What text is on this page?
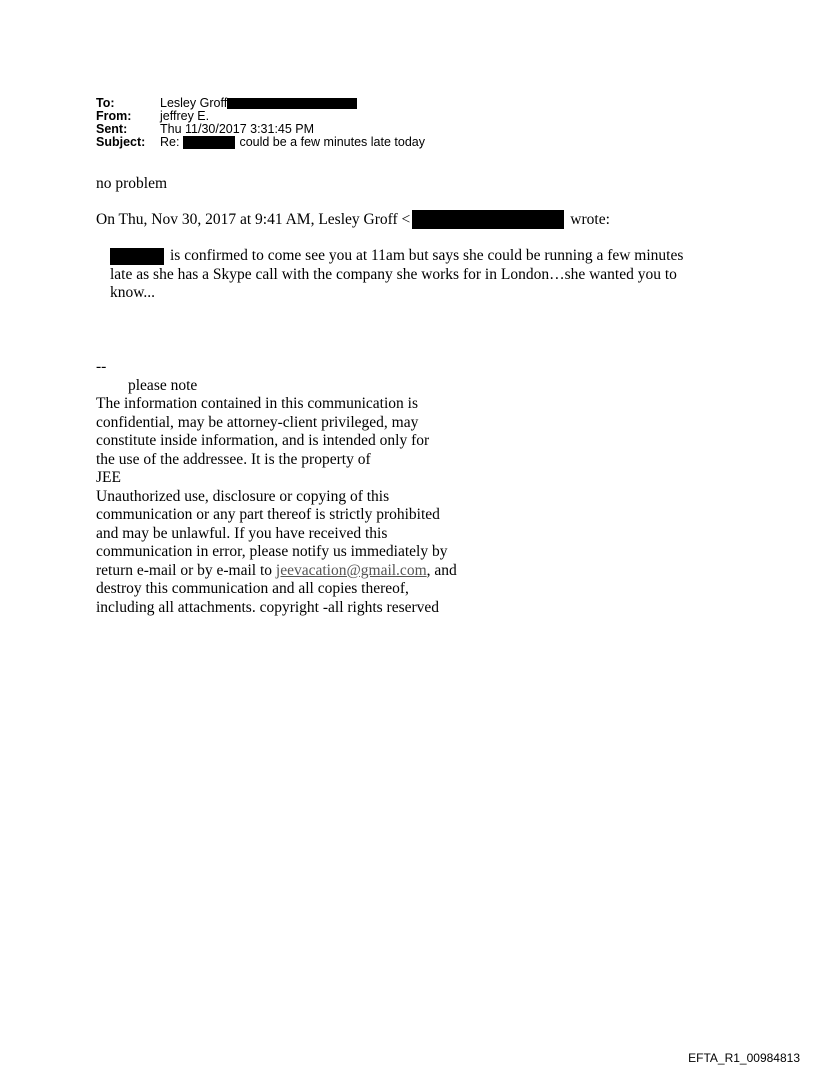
To:	Lesley Groff
From:	jeffrey E.
Sent:	Thu 11/30/2017 3:31:45 PM
Subject:	Re:	could be a few minutes late today
no problem
On Thu, Nov 30, 2017 at 9:41 AM, Lesley Groff <	wrote:
is confirmed to come see you at 11am but says she could be running a few minutes
late as she has a Skype call with the company she works for in London…she wanted you to
know...
--
please note
The information contained in this communication is
confidential, may be attorney-client privileged, may
constitute inside information, and is intended only for
the use of the addressee. It is the property of
JEE
Unauthorized use, disclosure or copying of this
communication or any part thereof is strictly prohibited
and may be unlawful. If you have received this
communication in error, please notify us immediately by
return e-mail or by e-mail to jeevacation@gmail.com, and
destroy this communication and all copies thereof,
including all attachments. copyright -all rights reserved
EFTA_R1_00984813
